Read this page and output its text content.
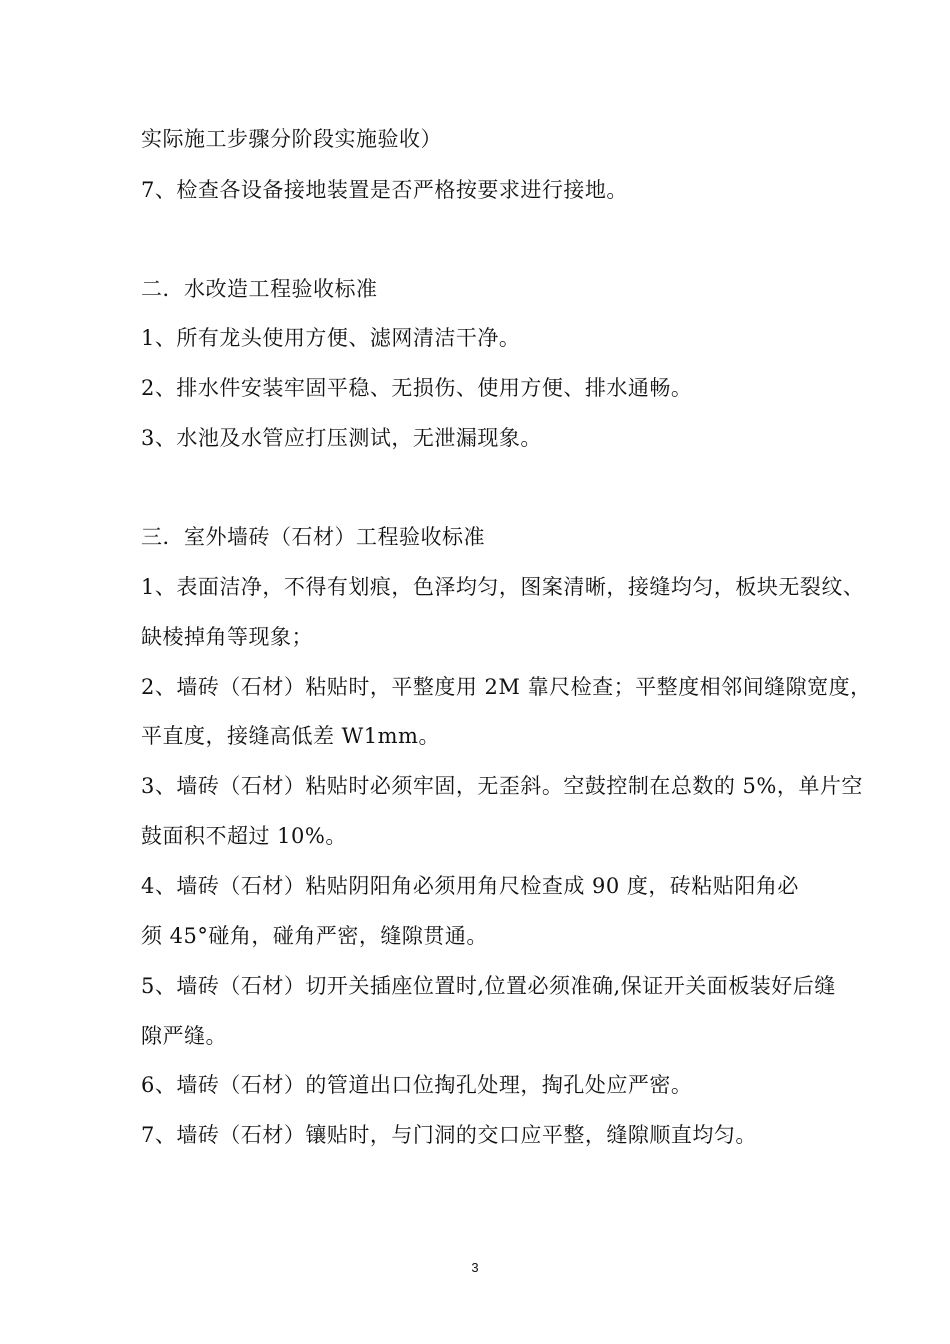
实际施工步骤分阶段实施验收）
7、检查各设备接地装置是否严格按要求进行接地。
二．水改造工程验收标准
1、所有龙头使用方便、滤网清洁干净。
2、排水件安装牢固平稳、无损伤、使用方便、排水通畅。
3、水池及水管应打压测试，无泄漏现象。
三．室外墙砖（石材）工程验收标准
1、表面洁净，不得有划痕，色泽均匀，图案清晰，接缝均匀，板块无裂纹、
缺棱掉角等现象；
2、墙砖（石材）粘贴时，平整度用 2M 靠尺检查；平整度相邻间缝隙宽度，
平直度，接缝高低差 W1mm。
3、墙砖（石材）粘贴时必须牢固，无歪斜。空鼓控制在总数的 5%，单片空
鼓面积不超过 10%。
4、墙砖（石材）粘贴阴阳角必须用角尺检查成 90 度，砖粘贴阳角必
须 45°碰角，碰角严密，缝隙贯通。
5、墙砖（石材）切开关插座位置时,位置必须准确,保证开关面板装好后缝
隙严缝。
6、墙砖（石材）的管道出口位掏孔处理，掏孔处应严密。
7、墙砖（石材）镶贴时，与门洞的交口应平整，缝隙顺直均匀。
3
